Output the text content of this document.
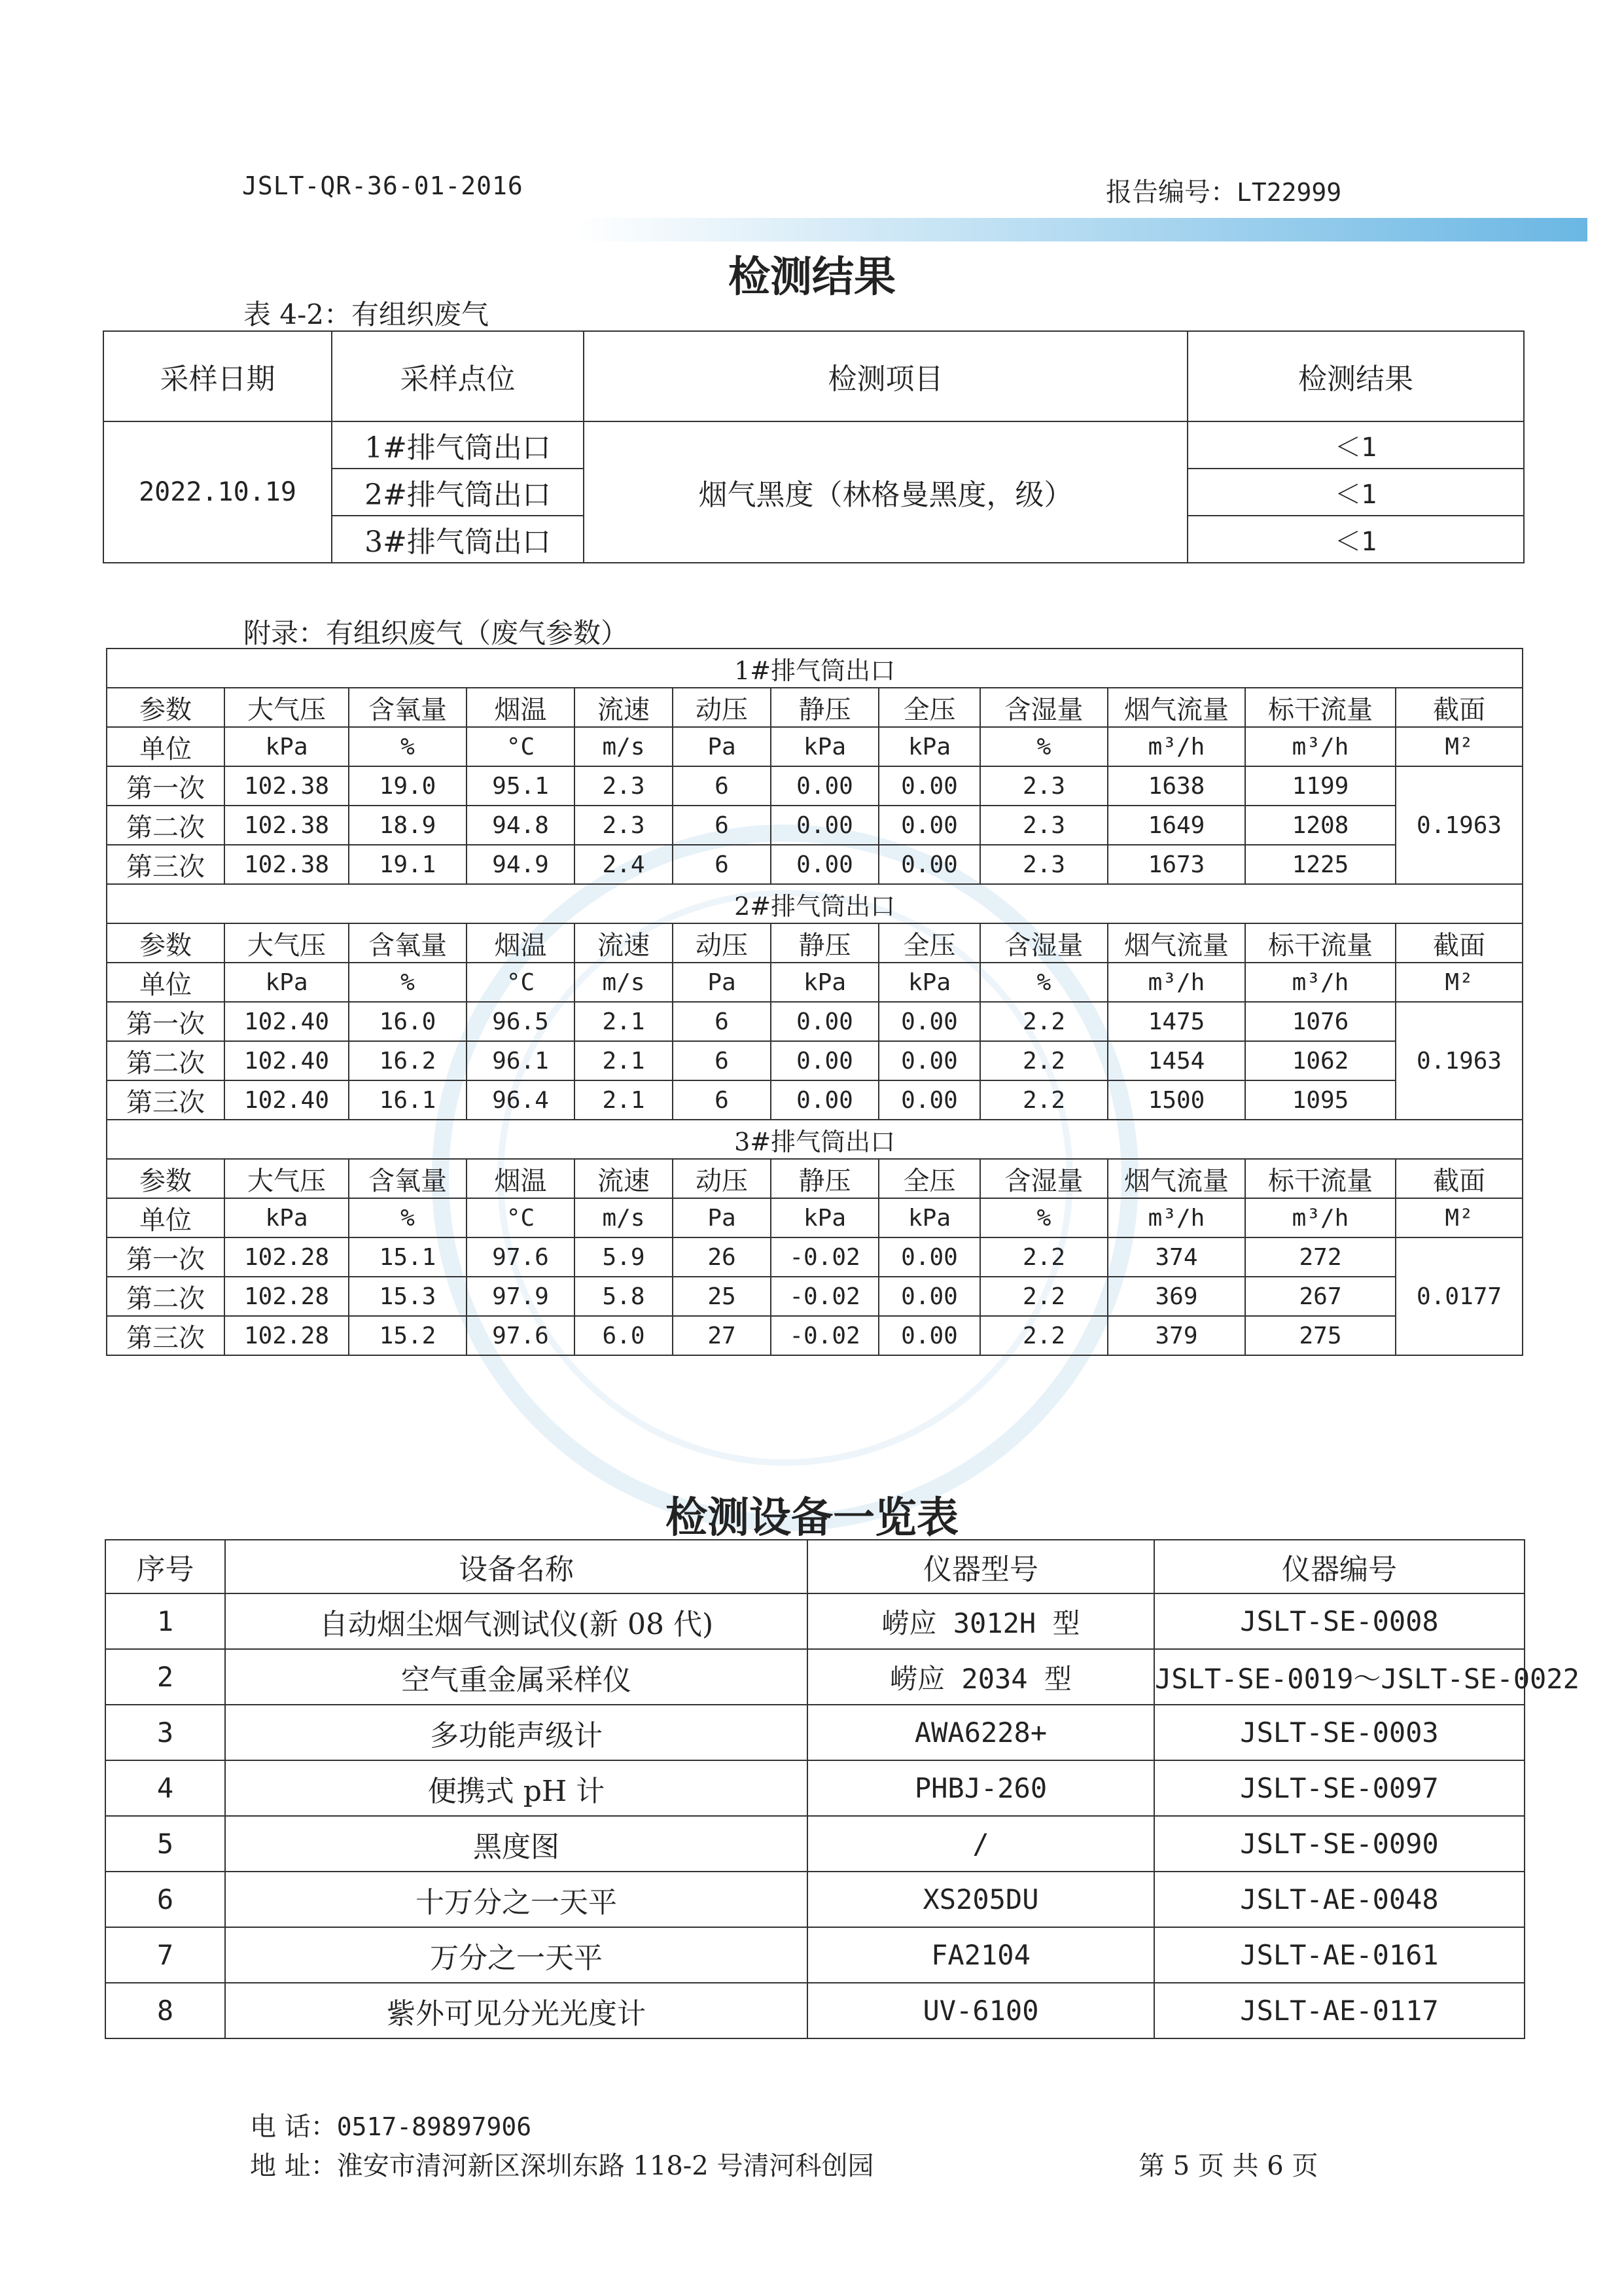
JSLT-QR-36-01-2016	报告编号：LT22999
检测结果
表 4-2：有组织废气
采样日期	采样点位	检测项目	检测结果
2022.10.19	1#排气筒出口	烟气黑度（林格曼黑度，级）	＜1
	2#排气筒出口		＜1
	3#排气筒出口		＜1
附录：有组织废气（废气参数）
1#排气筒出口											
参数	大气压	含氧量	烟温	流速	动压	静压	全压	含湿量	烟气流量	标干流量	截面
单位	kPa	%	°C	m/s	Pa	kPa	kPa	%	m³/h	m³/h	M²
第一次	102.38	19.0	95.1	2.3	6	0.00	0.00	2.3	1638	1199	0.1963
第二次	102.38	18.9	94.8	2.3	6	0.00	0.00	2.3	1649	1208	
第三次	102.38	19.1	94.9	2.4	6	0.00	0.00	2.3	1673	1225	
2#排气筒出口											
参数	大气压	含氧量	烟温	流速	动压	静压	全压	含湿量	烟气流量	标干流量	截面
单位	kPa	%	°C	m/s	Pa	kPa	kPa	%	m³/h	m³/h	M²
第一次	102.40	16.0	96.5	2.1	6	0.00	0.00	2.2	1475	1076	0.1963
第二次	102.40	16.2	96.1	2.1	6	0.00	0.00	2.2	1454	1062	
第三次	102.40	16.1	96.4	2.1	6	0.00	0.00	2.2	1500	1095	
3#排气筒出口											
参数	大气压	含氧量	烟温	流速	动压	静压	全压	含湿量	烟气流量	标干流量	截面
单位	kPa	%	°C	m/s	Pa	kPa	kPa	%	m³/h	m³/h	M²
第一次	102.28	15.1	97.6	5.9	26	-0.02	0.00	2.2	374	272	0.0177
第二次	102.28	15.3	97.9	5.8	25	-0.02	0.00	2.2	369	267	
第三次	102.28	15.2	97.6	6.0	27	-0.02	0.00	2.2	379	275	
检测设备一览表
序号	设备名称	仪器型号	仪器编号
1	自动烟尘烟气测试仪(新 08 代)	崂应 3012H 型	JSLT-SE-0008
2	空气重金属采样仪	崂应 2034 型	JSLT-SE-0019～JSLT-SE-0022
3	多功能声级计	AWA6228+	JSLT-SE-0003
4	便携式 pH 计	PHBJ-260	JSLT-SE-0097
5	黑度图	/	JSLT-SE-0090
6	十万分之一天平	XS205DU	JSLT-AE-0048
7	万分之一天平	FA2104	JSLT-AE-0161
8	紫外可见分光光度计	UV-6100	JSLT-AE-0117
电 话：0517-89897906
地 址：淮安市清河新区深圳东路 118-2 号清河科创园	第 5 页 共 6 页
